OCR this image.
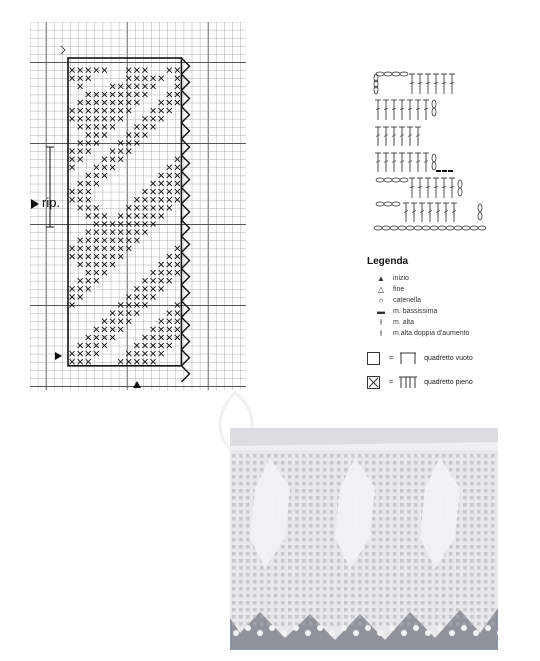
rip.
Legenda
▲ inizio
△	fine
○	catenella
▬ m. bassissima
ƚ	m. alta
ƚ	m.alta doppia d'aumento
=	quadretto vuoto
=	quadretto pieno
